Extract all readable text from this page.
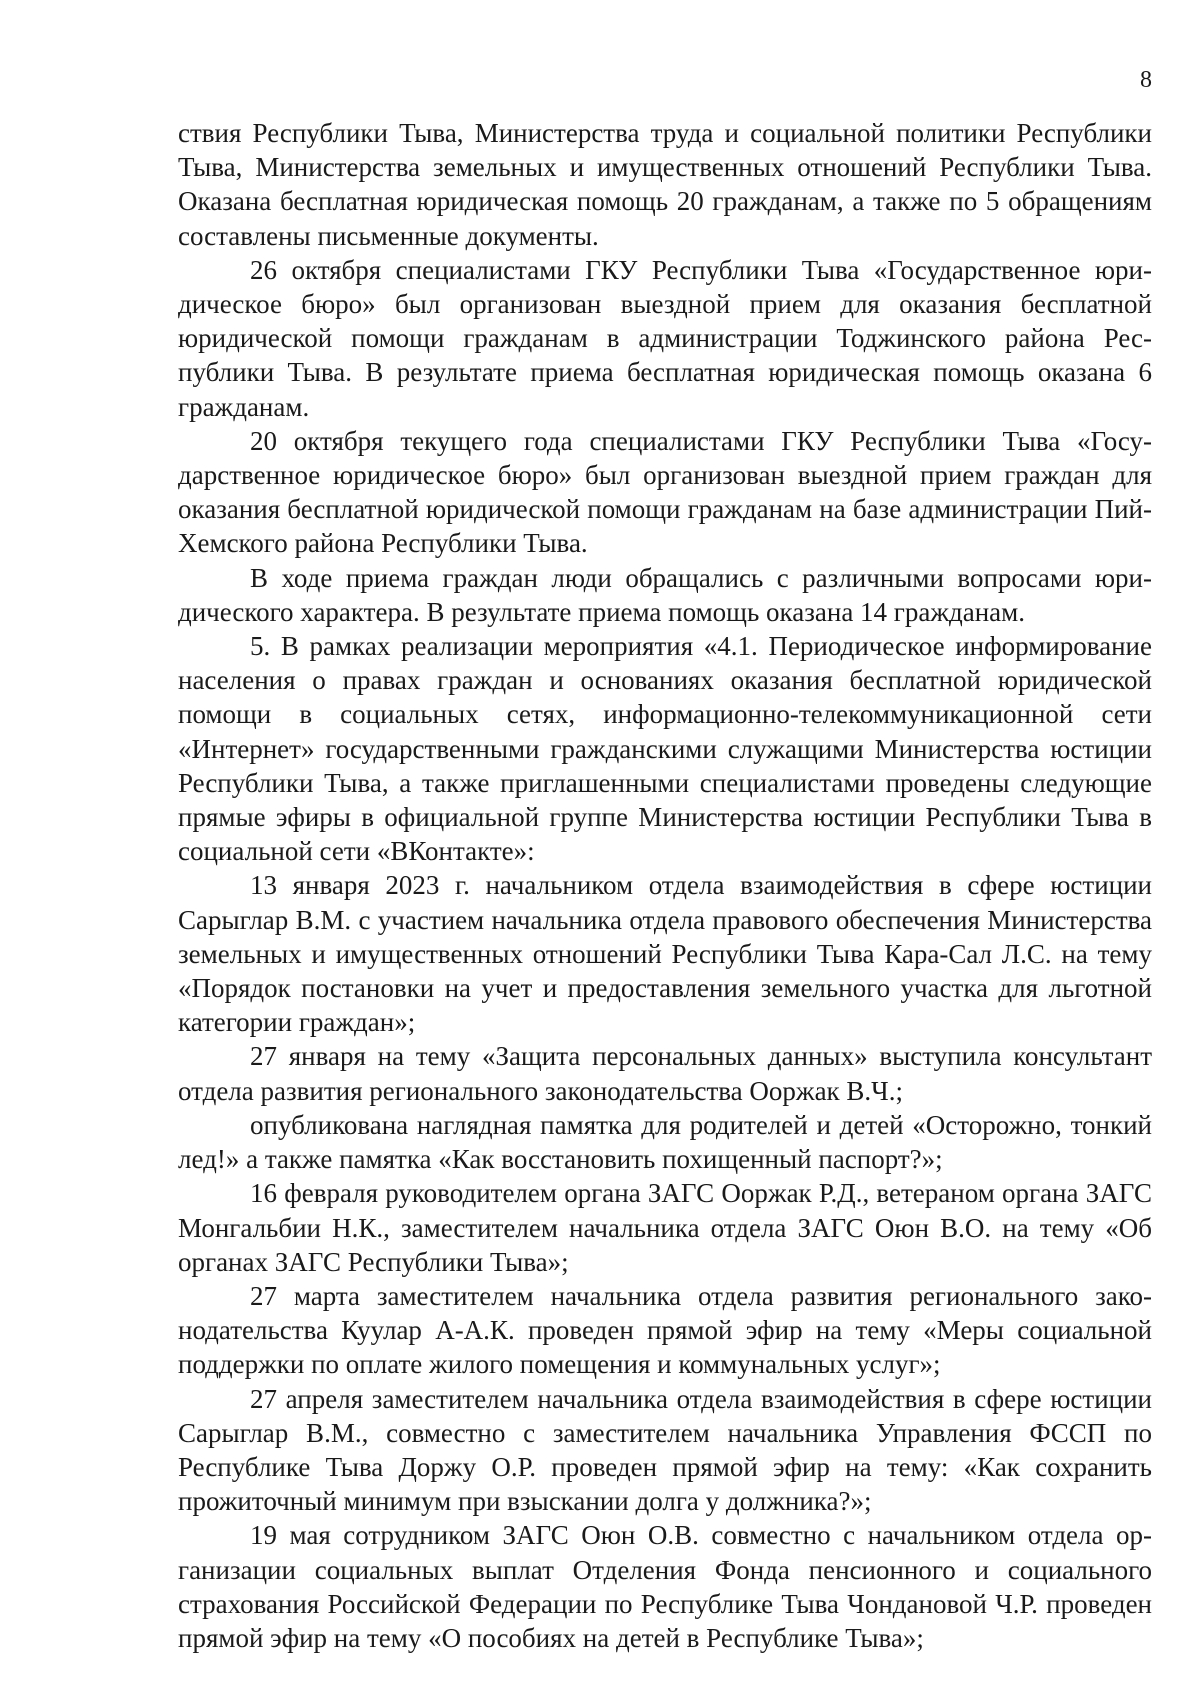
8

ствия Республики Тыва, Министерства труда и социальной политики Республики Тыва, Министерства земельных и имущественных отношений Республики Тыва. Оказана бесплатная юридическая помощь 20 гражданам, а также по 5 обращениям составлены письменные документы.

26 октября специалистами ГКУ Республики Тыва «Государственное юридическое бюро» был организован выездной прием для оказания бесплатной юридической помощи гражданам в администрации Тоджинского района Республики Тыва. В результате приема бесплатная юридическая помощь оказана 6 гражданам.

20 октября текущего года специалистами ГКУ Республики Тыва «Государственное юридическое бюро» был организован выездной прием граждан для оказания бесплатной юридической помощи гражданам на базе администрации Пий-Хемского района Республики Тыва.

В ходе приема граждан люди обращались с различными вопросами юридического характера. В результате приема помощь оказана 14 гражданам.

5. В рамках реализации мероприятия «4.1. Периодическое информирование населения о правах граждан и основаниях оказания бесплатной юридической помощи в социальных сетях, информационно-телекоммуникационной сети «Интернет» государственными гражданскими служащими Министерства юстиции Республики Тыва, а также приглашенными специалистами проведены следующие прямые эфиры в официальной группе Министерства юстиции Республики Тыва в социальной сети «ВКонтакте»:

13 января 2023 г. начальником отдела взаимодействия в сфере юстиции Сарыглар В.М. с участием начальника отдела правового обеспечения Министерства земельных и имущественных отношений Республики Тыва Кара-Сал Л.С. на тему «Порядок постановки на учет и предоставления земельного участка для льготной категории граждан»;

27 января на тему «Защита персональных данных» выступила консультант отдела развития регионального законодательства Ооржак В.Ч.;

опубликована наглядная памятка для родителей и детей «Осторожно, тонкий лед!» а также памятка «Как восстановить похищенный паспорт?»;

16 февраля руководителем органа ЗАГС Ооржак Р.Д., ветераном органа ЗАГС Монгальбии Н.К., заместителем начальника отдела ЗАГС Оюн В.О. на тему «Об органах ЗАГС Республики Тыва»;

27 марта заместителем начальника отдела развития регионального законодательства Куулар А-А.К. проведен прямой эфир на тему «Меры социальной поддержки по оплате жилого помещения и коммунальных услуг»;

27 апреля заместителем начальника отдела взаимодействия в сфере юстиции Сарыглар В.М., совместно с заместителем начальника Управления ФССП по Республике Тыва Доржу О.Р. проведен прямой эфир на тему: «Как сохранить прожиточный минимум при взыскании долга у должника?»;

19 мая сотрудником ЗАГС Оюн О.В. совместно с начальником отдела организации социальных выплат Отделения Фонда пенсионного и социального страхования Российской Федерации по Республике Тыва Чондановой Ч.Р. проведен прямой эфир на тему «О пособиях на детей в Республике Тыва»;
